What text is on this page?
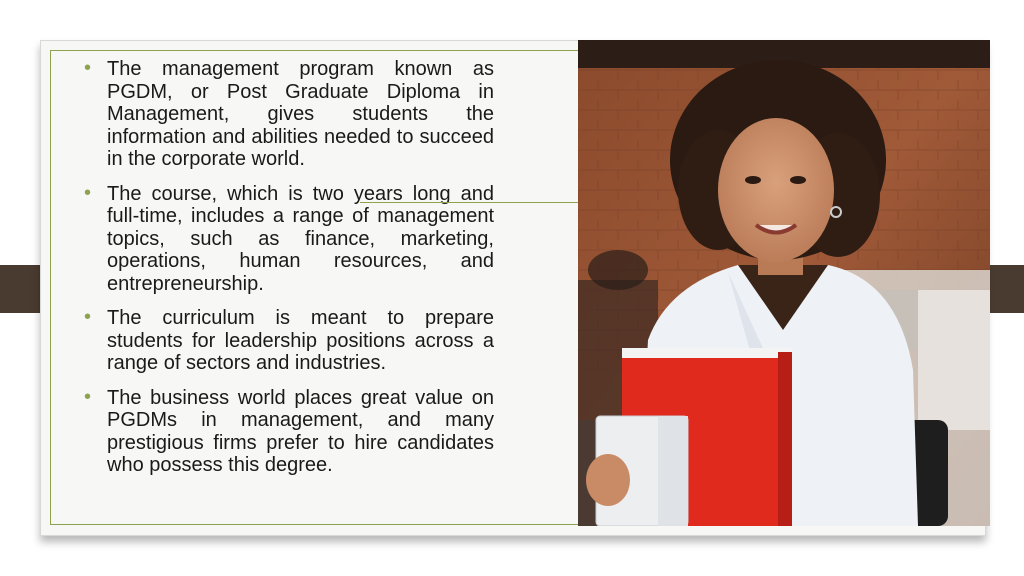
• The management program known as PGDM, or Post Graduate Diploma in Management, gives students the information and abilities needed to succeed in the corporate world.
• The course, which is two years long and full-time, includes a range of management topics, such as finance, marketing, operations, human resources, and entrepreneurship.
• The curriculum is meant to prepare students for leadership positions across a range of sectors and industries.
• The business world places great value on PGDMs in management, and many prestigious firms prefer to hire candidates who possess this degree.
